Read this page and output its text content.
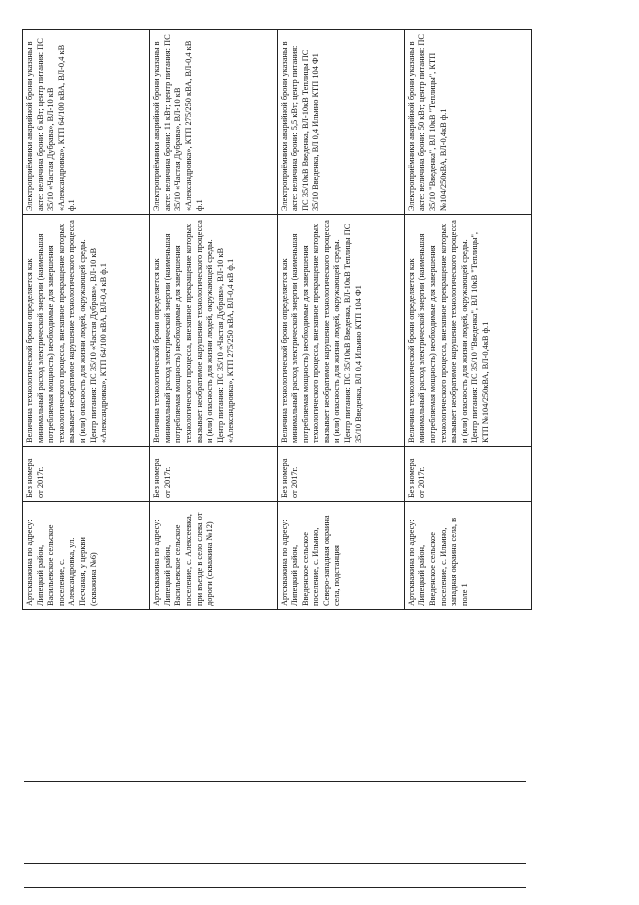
Артскважина по адресу: Липецкий район, Васильевское сельское поселение, с. Александровка, ул. Песчаная, у церкви (скважина №6)	Без номера от 2017г.	Величина технологической брони определяется как минимальный расход электрической энергии (наименьшая потребляемая мощность) необходимые для завершения технологического процесса, внезапное прекращение которых вызывает необратимое нарушение технологического процесса и (или) опасность для жизни людей, окружающей среды. Центр питания: ПС 35/10 «Частая Дубрава», ВЛ-10 кВ «Александровка», КТП 64/100 кВА, ВЛ-0,4 кВ ф.1	Электроприёмники аварийной брони указаны в акте: величина брони: 6 кВт; центр питания: ПС 35/10 «Частая Дубрава», ВЛ-10 кВ «Александровка», КТП 64/100 кВА, ВЛ-0,4 кВ ф.1
Артскважина по адресу: Липецкий район, Васильевское сельское поселение, с. Алексеевка, при въезде в село слева от дороги (скважина №12)	Без номера от 2017г.	Величина технологической брони определяется как минимальный расход электрической энергии (наименьшая потребляемая мощность) необходимые для завершения технологического процесса, внезапное прекращение которых вызывает необратимое нарушение технологического процесса и (или) опасность для жизни людей, окружающей среды. Центр питания: ПС 35/10 «Частая Дубрава», ВЛ-10 кВ «Александровка», КТП 275/250 кВА, ВЛ-0,4 кВ ф.1	Электроприёмники аварийной брони указаны в акте: величина брони: 11 кВт; центр питания: ПС 35/10 «Частая Дубрава», ВЛ-10 кВ «Александровка», КТП 275/250 кВА, ВЛ-0,4 кВ ф.1
Артскважина по адресу: Липецкий район, Введенское сельское поселение, с. Ильино, Северо-западная окраина села, подстанция	Без номера от 2017г.	Величина технологической брони определяется как минимальный расход электрической энергии (наименьшая потребляемая мощность) необходимые для завершения технологического процесса, внезапное прекращение которых вызывает необратимое нарушение технологического процесса и (или) опасность для жизни людей, окружающей среды. Центр питания: ПС 35/10кВ Введенка, ВЛ-10кВ Теплицы ПС 35/10 Введенка, ВЛ 0,4 Ильино КТП 104 Ф1	Электроприёмники аварийной брони указаны в акте: величина брони: 5,5 кВт; центр питания: ПС 35/10кВ Введенка, ВЛ-10кВ Теплицы ПС 35/10 Введенка, ВЛ 0,4 Ильино КТП 104 Ф1
Артскважина по адресу: Липецкий район, Введенское сельское поселение, с. Ильино, западная окраина села, в поле 1	Без номера от 2017г.	Величина технологической брони определяется как минимальный расход электрической энергии (наименьшая потребляемая мощность) необходимые для завершения технологического процесса, внезапное прекращение которых вызывает необратимое нарушение технологического процесса и (или) опасность для жизни людей, окружающей среды. Центр питания: ПС 35/10 "Введенка", ВЛ 10кВ "Теплицы", КТП №104/250кВА, ВЛ-0,4кВ ф.1	Электроприёмники аварийной брони указаны в акте: величина брони: 50 кВт; центр питания: ПС 35/10 "Введенка", ВЛ 10кВ "Теплицы", КТП №104/250кВА, ВЛ-0,4кВ ф.1
